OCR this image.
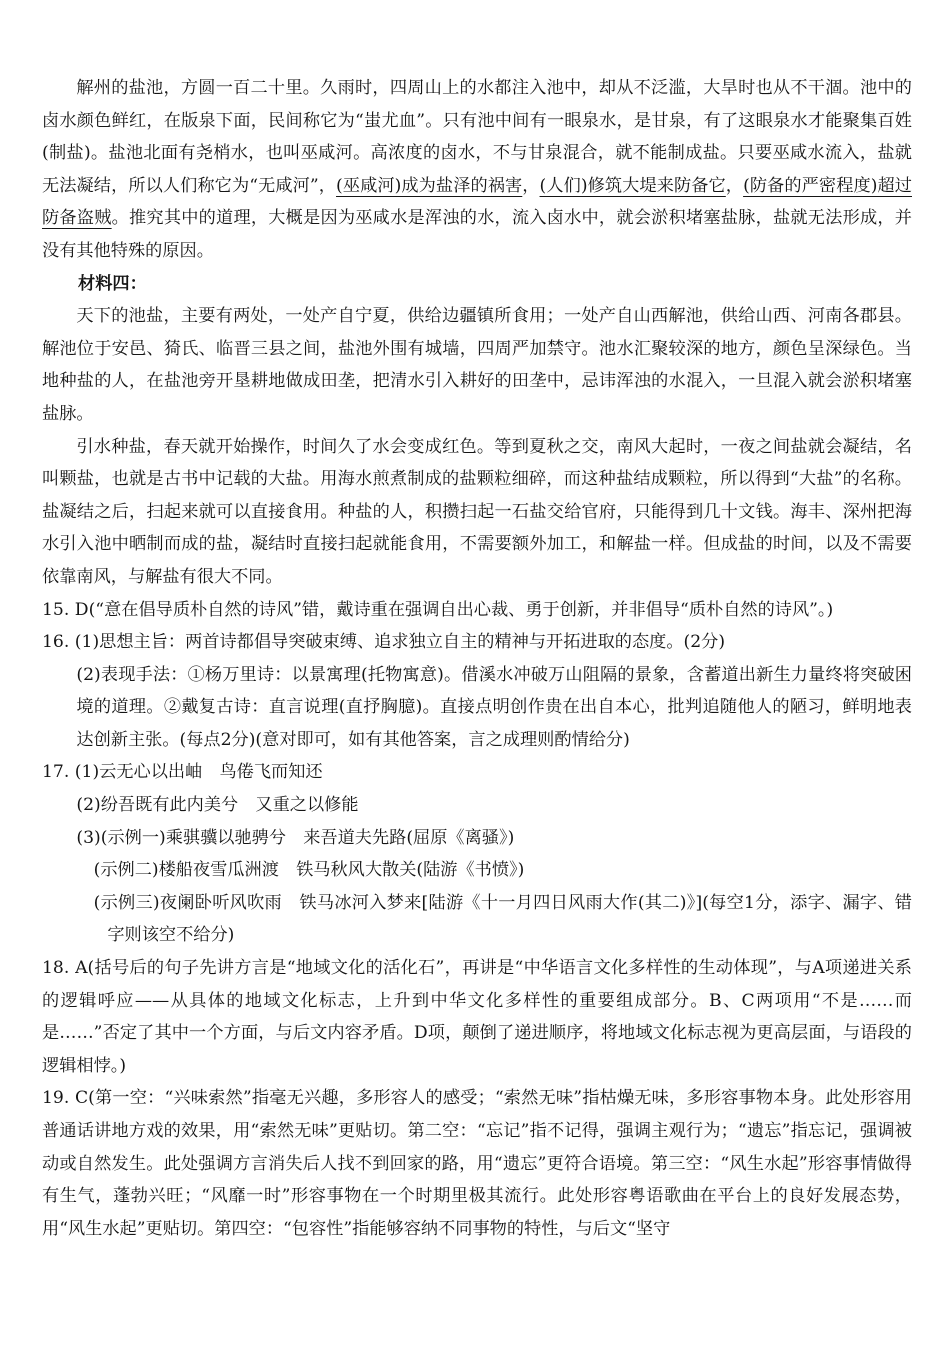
解州的盐池，方圆一百二十里。久雨时，四周山上的水都注入池中，却从不泛滥，大旱时也从不干涸。池中的卤水颜色鲜红，在版泉下面，民间称它为“蚩尤血”。只有池中间有一眼泉水，是甘泉，有了这眼泉水才能聚集百姓(制盐)。盐池北面有尧梢水，也叫巫咸河。高浓度的卤水，不与甘泉混合，就不能制成盐。只要巫咸水流入，盐就无法凝结，所以人们称它为“无咸河”，(巫咸河)成为盐泽的祸害，(人们)修筑大堤来防备它，(防备的严密程度)超过防备盗贼。推究其中的道理，大概是因为巫咸水是浑浊的水，流入卤水中，就会淤积堵塞盐脉，盐就无法形成，并没有其他特殊的原因。

材料四：

天下的池盐，主要有两处，一处产自宁夏，供给边疆镇所食用；一处产自山西解池，供给山西、河南各郡县。解池位于安邑、猗氏、临晋三县之间，盐池外围有城墙，四周严加禁守。池水汇聚较深的地方，颜色呈深绿色。当地种盐的人，在盐池旁开垦耕地做成田垄，把清水引入耕好的田垄中，忌讳浑浊的水混入，一旦混入就会淤积堵塞盐脉。

引水种盐，春天就开始操作，时间久了水会变成红色。等到夏秋之交，南风大起时，一夜之间盐就会凝结，名叫颗盐，也就是古书中记载的大盐。用海水煎煮制成的盐颗粒细碎，而这种盐结成颗粒，所以得到“大盐”的名称。盐凝结之后，扫起来就可以直接食用。种盐的人，积攒扫起一石盐交给官府，只能得到几十文钱。海丰、深州把海水引入池中晒制而成的盐，凝结时直接扫起就能食用，不需要额外加工，和解盐一样。但成盐的时间，以及不需要依靠南风，与解盐有很大不同。

15. D(“意在倡导质朴自然的诗风”错，戴诗重在强调自出心裁、勇于创新，并非倡导“质朴自然的诗风”。)

16. (1)思想主旨：两首诗都倡导突破束缚、追求独立自主的精神与开拓进取的态度。(2分)

(2)表现手法：①杨万里诗：以景寓理(托物寓意)。借溪水冲破万山阻隔的景象，含蓄道出新生力量终将突破困境的道理。②戴复古诗：直言说理(直抒胸臆)。直接点明创作贵在出自本心，批判追随他人的陋习，鲜明地表达创新主张。(每点2分)(意对即可，如有其他答案，言之成理则酌情给分)

17. (1)云无心以出岫　鸟倦飞而知还

(2)纷吾既有此内美兮　又重之以修能

(3)(示例一)乘骐骥以驰骋兮　来吾道夫先路(屈原《离骚》)

(示例二)楼船夜雪瓜洲渡　铁马秋风大散关(陆游《书愤》)

(示例三)夜阑卧听风吹雨　铁马冰河入梦来[陆游《十一月四日风雨大作(其二)》](每空1分，添字、漏字、错字则该空不给分)

18. A(括号后的句子先讲方言是“地域文化的活化石”，再讲是“中华语言文化多样性的生动体现”，与A项递进关系的逻辑呼应——从具体的地域文化标志，上升到中华文化多样性的重要组成部分。B、C两项用“不是……而是……”否定了其中一个方面，与后文内容矛盾。D项，颠倒了递进顺序，将地域文化标志视为更高层面，与语段的逻辑相悖。)

19. C(第一空：“兴味索然”指毫无兴趣，多形容人的感受；“索然无味”指枯燥无味，多形容事物本身。此处形容用普通话讲地方戏的效果，用“索然无味”更贴切。第二空：“忘记”指不记得，强调主观行为；“遗忘”指忘记，强调被动或自然发生。此处强调方言消失后人找不到回家的路，用“遗忘”更符合语境。第三空：“风生水起”形容事情做得有生气，蓬勃兴旺；“风靡一时”形容事物在一个时期里极其流行。此处形容粤语歌曲在平台上的良好发展态势，用“风生水起”更贴切。第四空：“包容性”指能够容纳不同事物的特性，与后文“坚守
